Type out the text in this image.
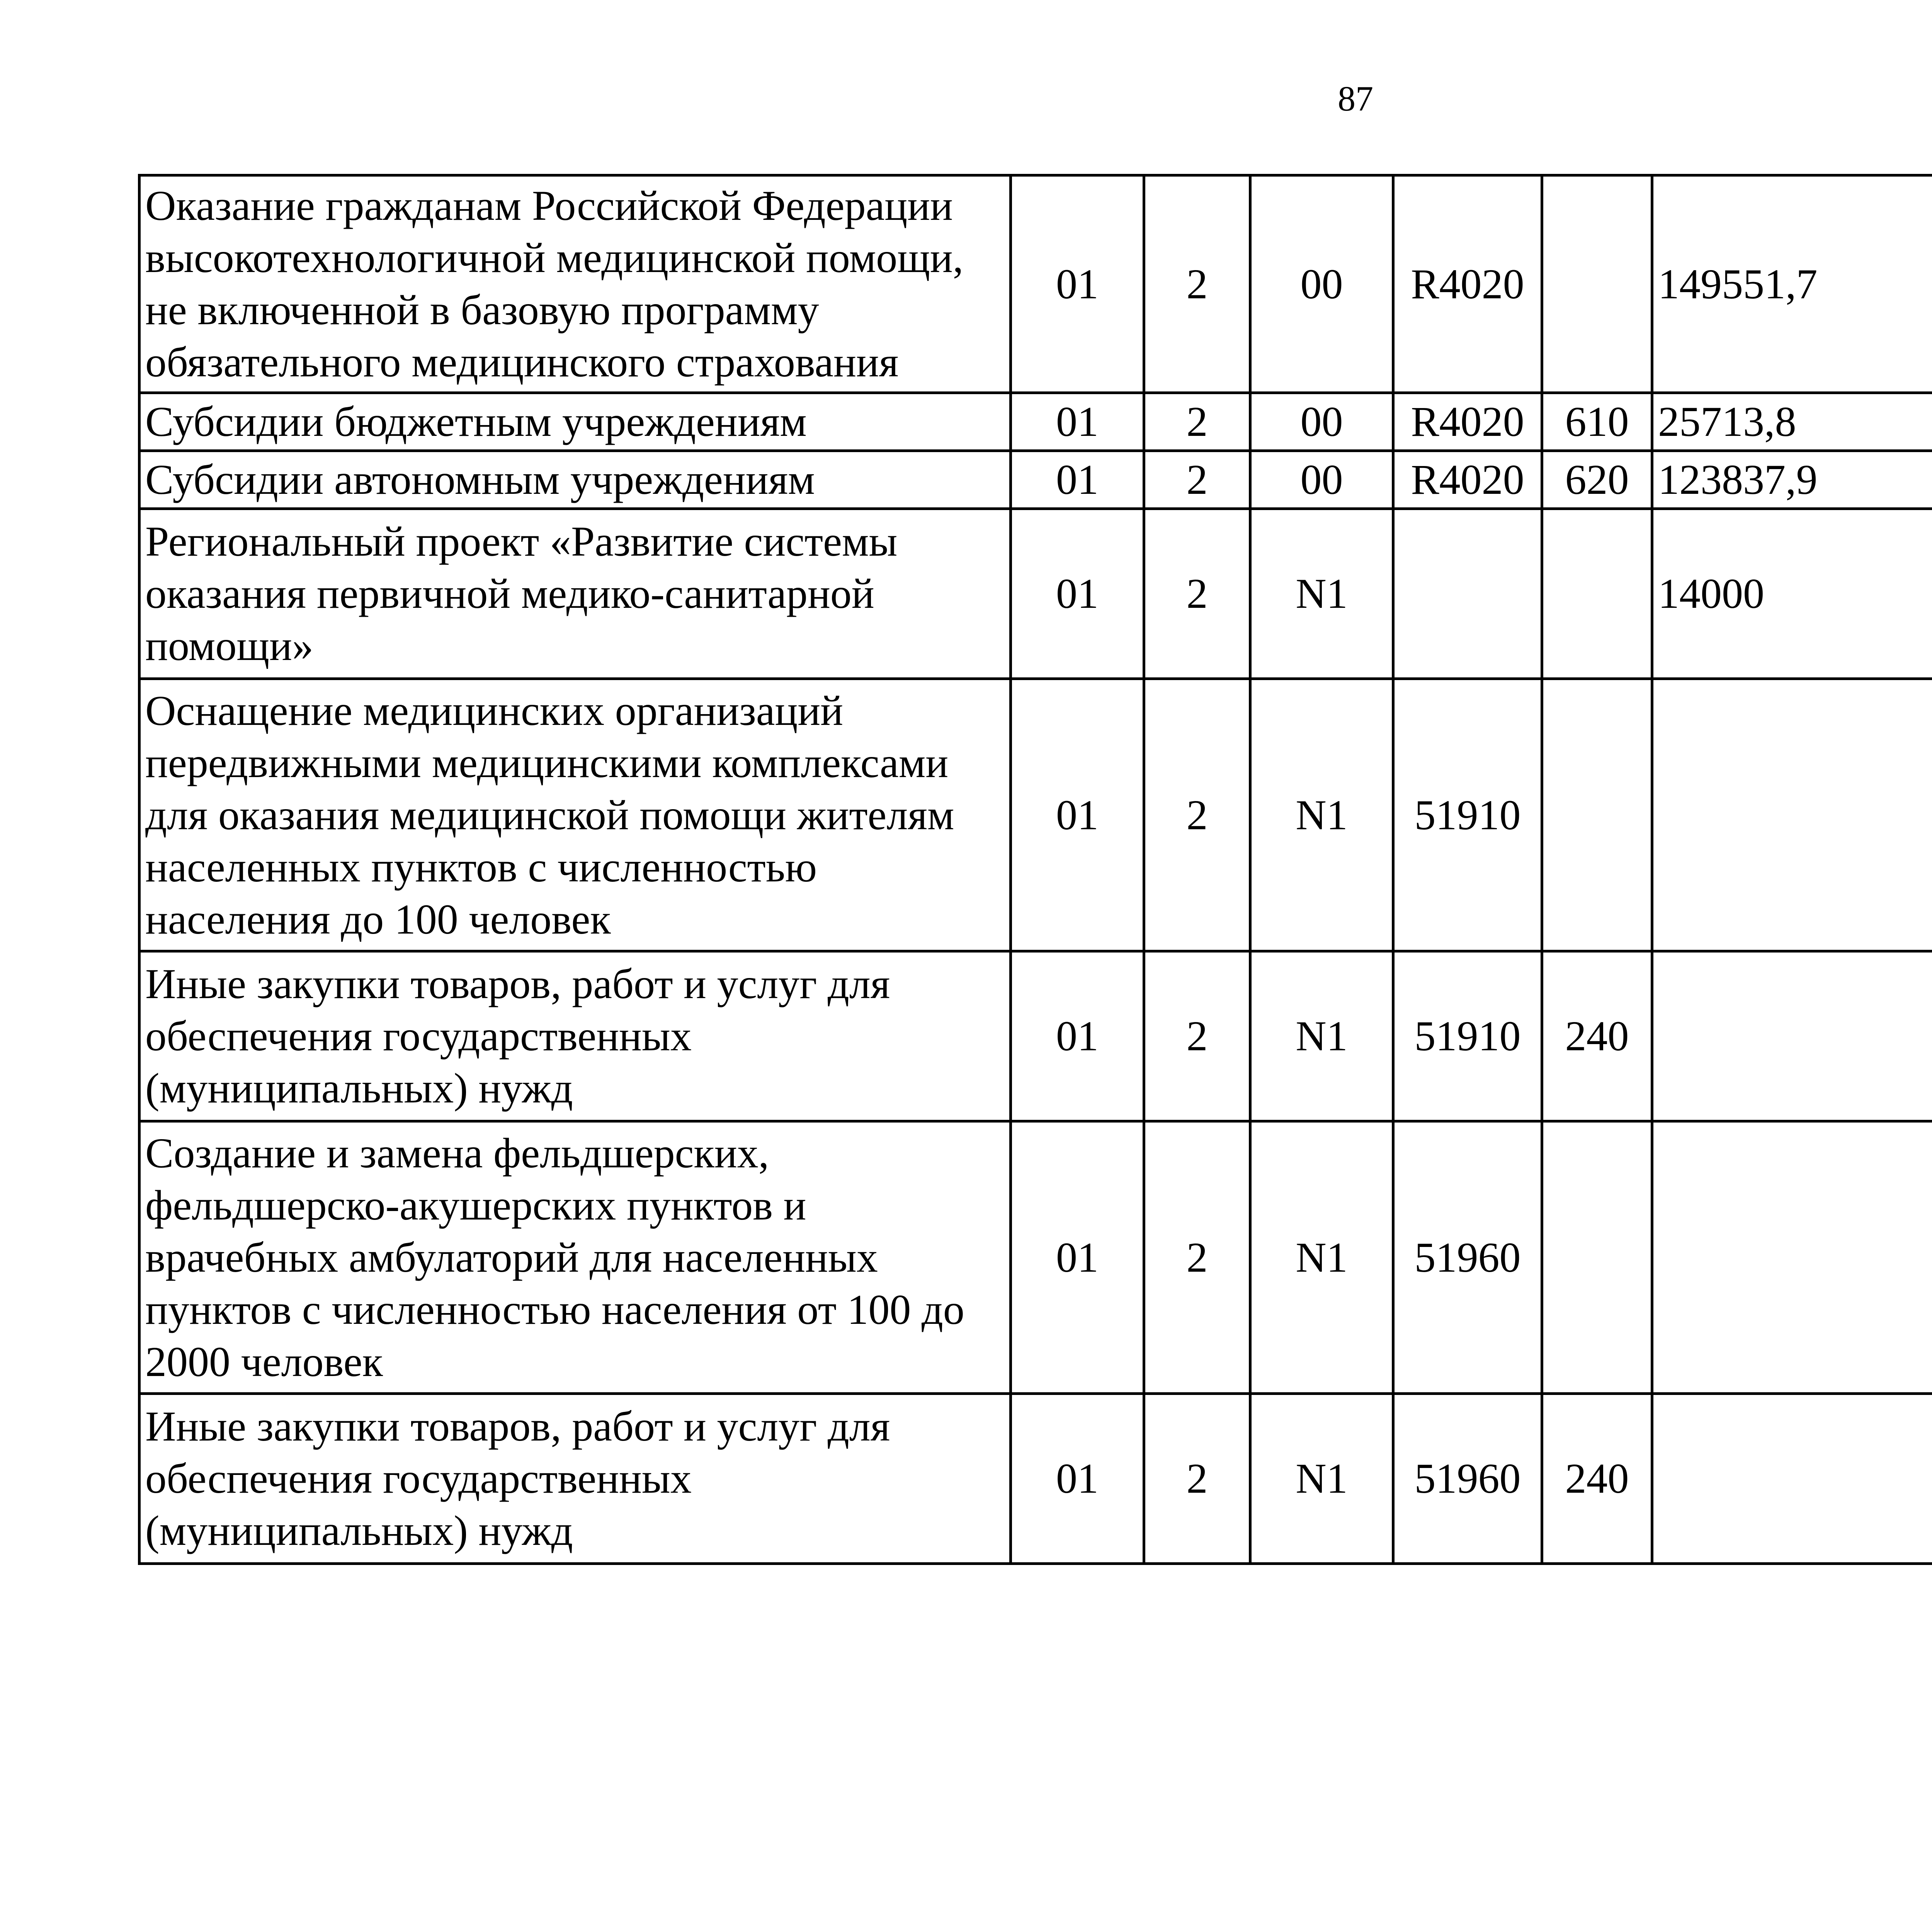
87
Оказание гражданам Российской Федерации высокотехнологичной медицинской помощи, не включенной в базовую программу обязательного медицинского страхования	01	2	00	R4020		149551,7		
Субсидии бюджетным учреждениям	01	2	00	R4020	610	25713,8		
Субсидии автономным учреждениям	01	2	00	R4020	620	123837,9		
Региональный проект «Развитие системы оказания первичной медико-санитарной помощи»	01	2	N1			14000		
Оснащение медицинских организаций передвижными медицинскими комплексами для оказания медицинской помощи жителям населенных пунктов с численностью населения до 100 человек	01	2	N1	51910				
Иные закупки товаров, работ и услуг для обеспечения государственных (муниципальных) нужд	01	2	N1	51910	240			
Создание и замена фельдшерских, фельдшерско-акушерских пунктов и врачебных амбулаторий для населенных пунктов с численностью населения от 100 до 2000 человек	01	2	N1	51960				
Иные закупки товаров, работ и услуг для обеспечения государственных (муниципальных) нужд	01	2	N1	51960	240			
